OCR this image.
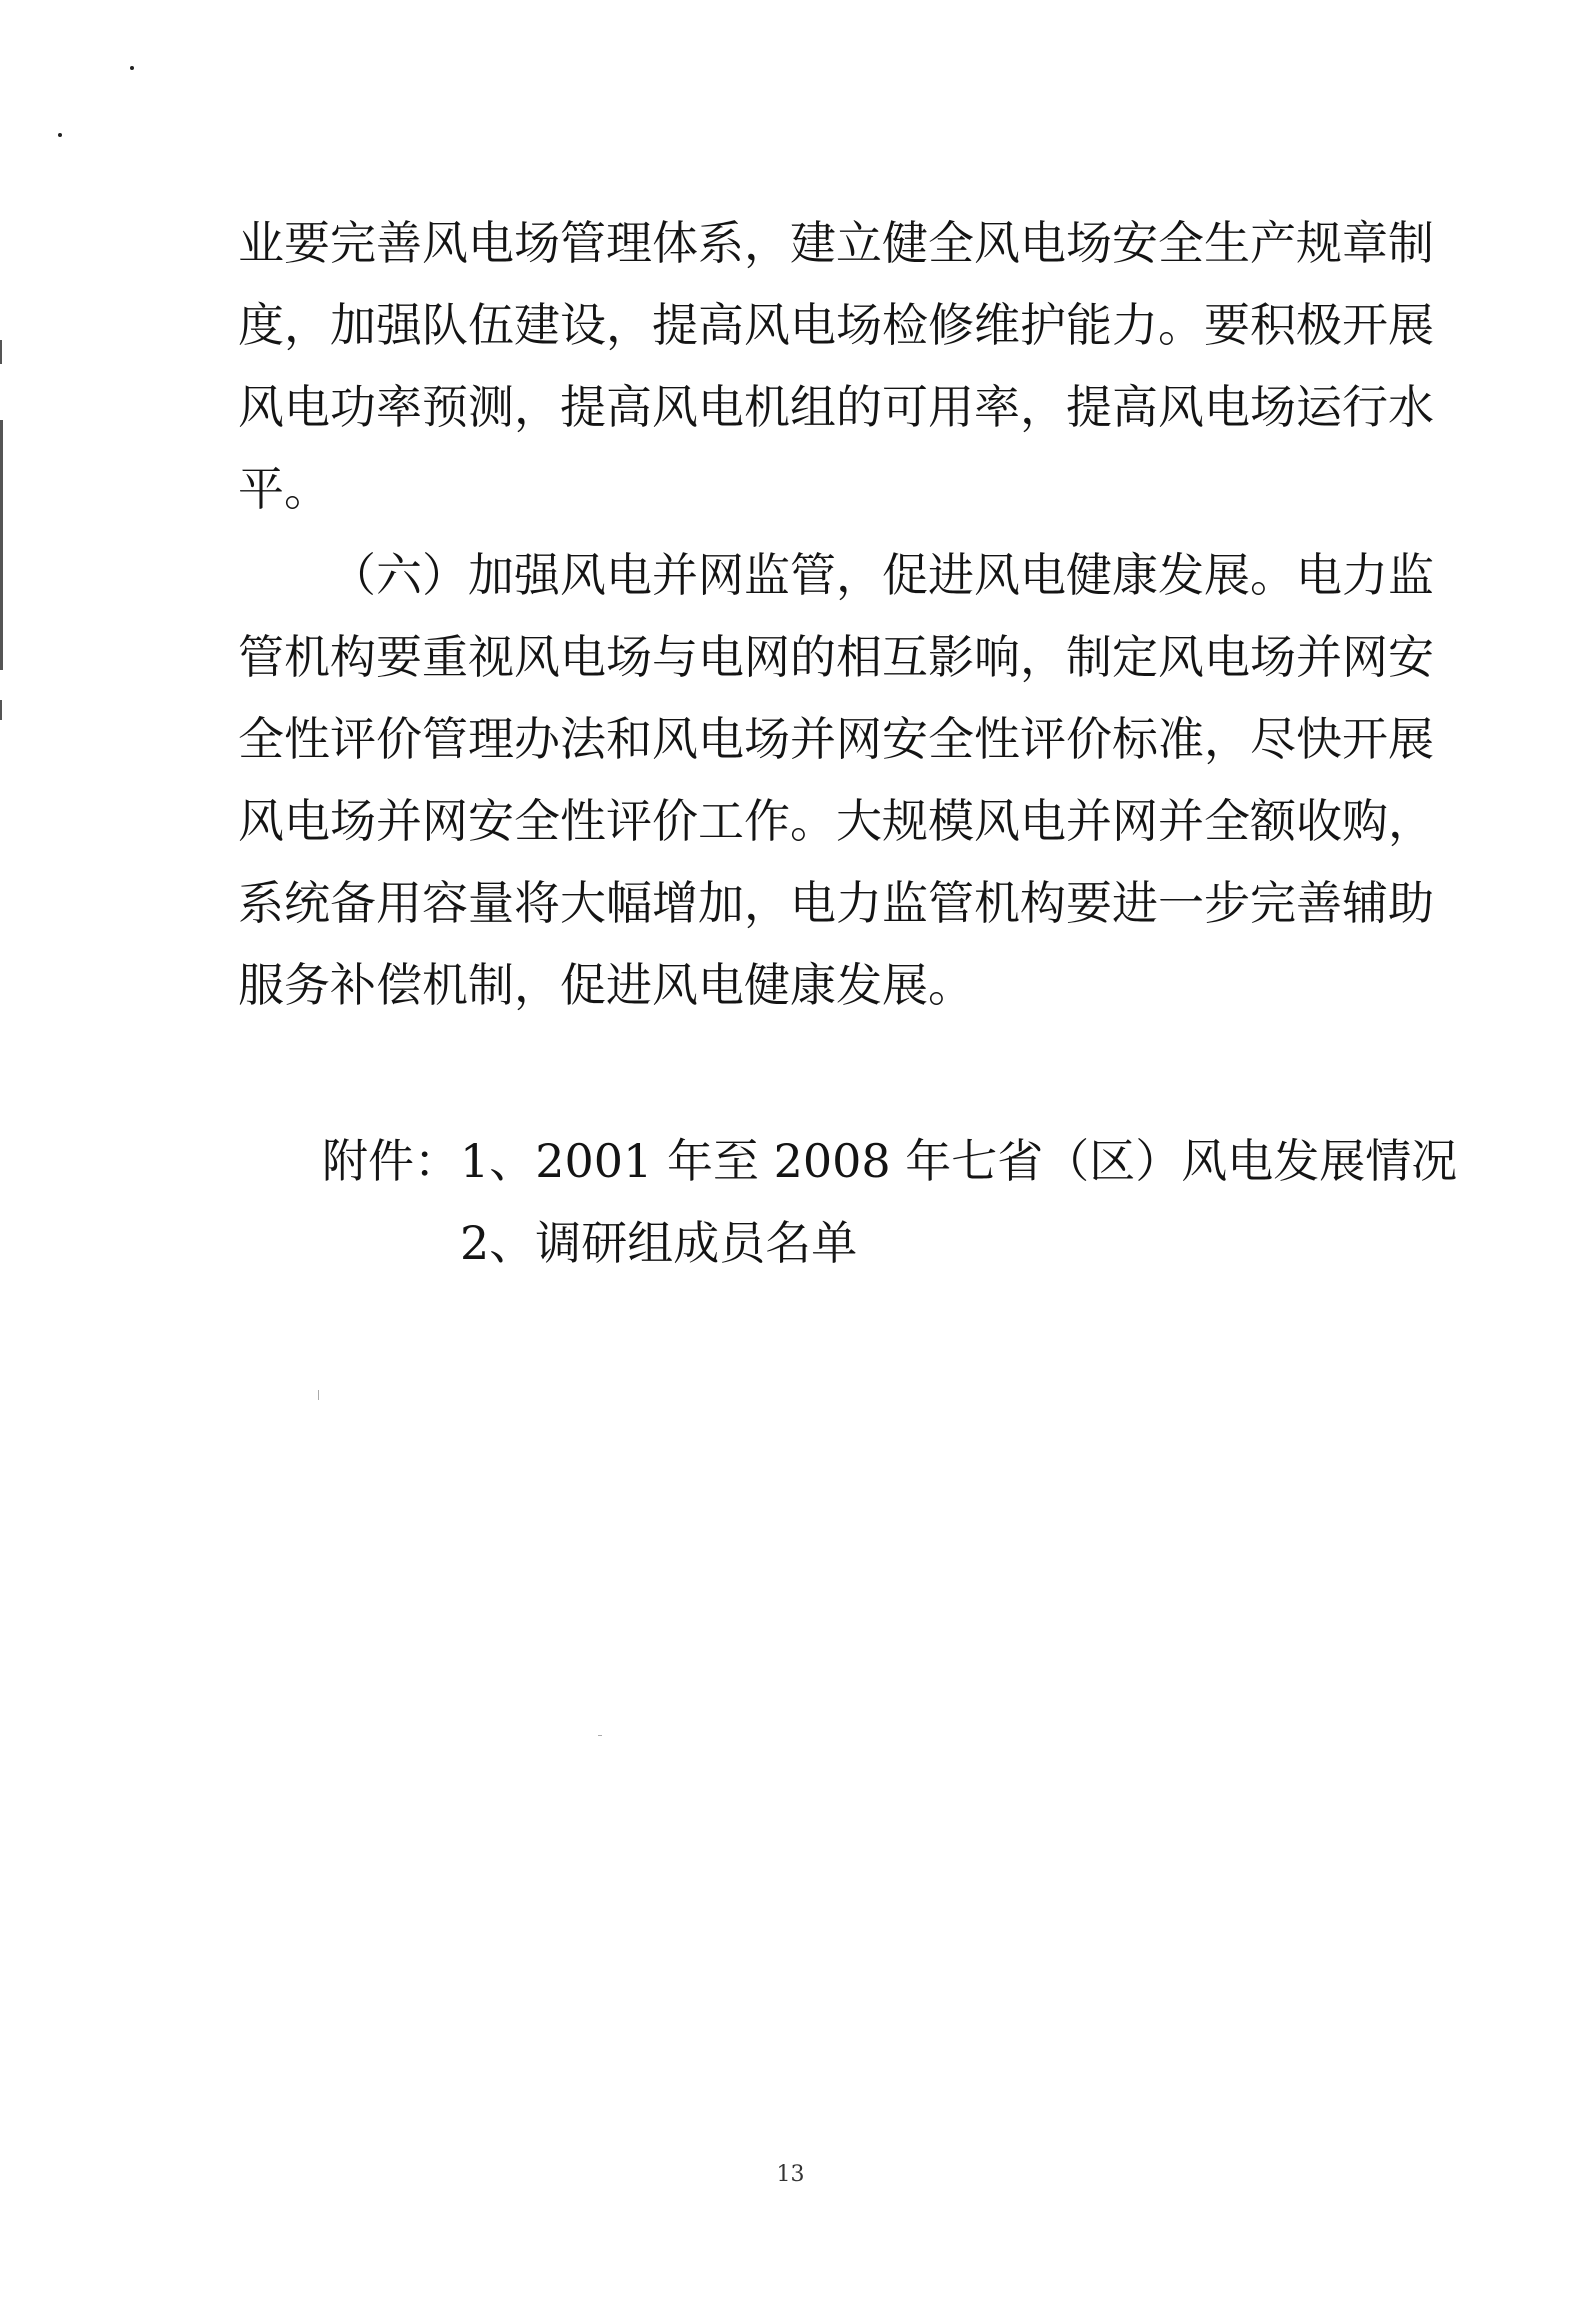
业要完善风电场管理体系，建立健全风电场安全生产规章制
度，加强队伍建设，提高风电场检修维护能力。要积极开展
风电功率预测，提高风电机组的可用率，提高风电场运行水
平。
（六）加强风电并网监管，促进风电健康发展。电力监
管机构要重视风电场与电网的相互影响，制定风电场并网安
全性评价管理办法和风电场并网安全性评价标准，尽快开展
风电场并网安全性评价工作。大规模风电并网并全额收购，
系统备用容量将大幅增加，电力监管机构要进一步完善辅助
服务补偿机制，促进风电健康发展。
附件： 1、2001 年至 2008 年七省（区）风电发展情况
2、调研组成员名单
13
